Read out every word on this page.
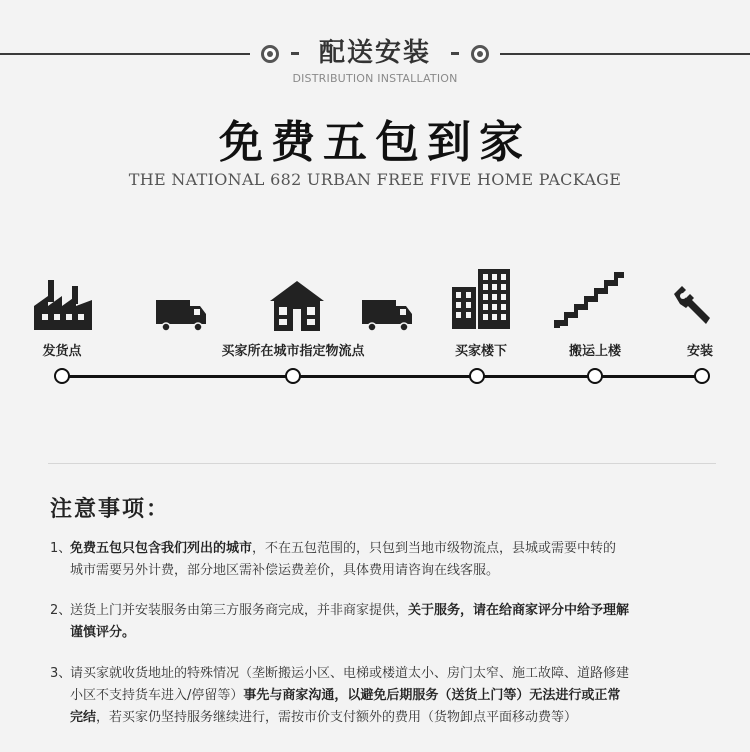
配送安装
DISTRIBUTION INSTALLATION
免费五包到家
THE NATIONAL 682 URBAN FREE FIVE HOME PACKAGE
发货点	买家所在城市指定物流点	买家楼下	搬运上楼	安装
注意事项：
1、免费五包只包含我们列出的城市，不在五包范围的，只包到当地市级物流点，县城或需要中转的
城市需要另外计费，部分地区需补偿运费差价，具体费用请咨询在线客服。
2、送货上门并安装服务由第三方服务商完成，并非商家提供，关于服务，请在给商家评分中给予理解
谨慎评分。
3、请买家就收货地址的特殊情况（垄断搬运小区、电梯或楼道太小、房门太窄、施工故障、道路修建
小区不支持货车进入/停留等）事先与商家沟通，以避免后期服务（送货上门等）无法进行或正常
完结，若买家仍坚持服务继续进行，需按市价支付额外的费用（货物卸点平面移动费等）
